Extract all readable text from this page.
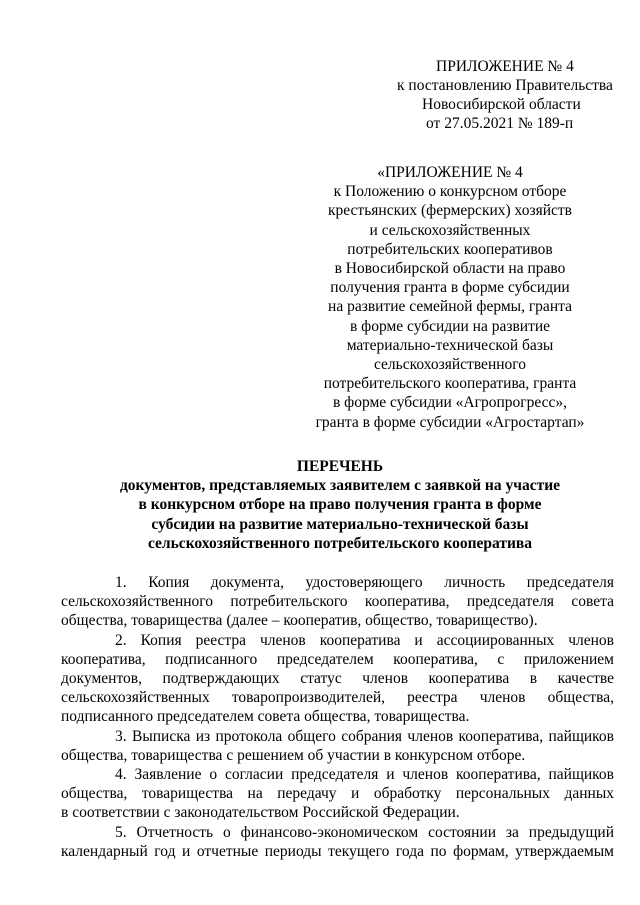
ПРИЛОЖЕНИЕ № 4
к постановлению Правительства
Новосибирской области
от 27.05.2021 № 189-п
«ПРИЛОЖЕНИЕ № 4
к Положению о конкурсном отборе
крестьянских (фермерских) хозяйств
и сельскохозяйственных
потребительских кооперативов
в Новосибирской области на право
получения гранта в форме субсидии
на развитие семейной фермы, гранта
в форме субсидии на развитие
материально-технической базы
сельскохозяйственного
потребительского кооператива, гранта
в форме субсидии «Агропрогресс»,
гранта в форме субсидии «Агростартап»
ПЕРЕЧЕНЬ
документов, представляемых заявителем с заявкой на участие
в конкурсном отборе на право получения гранта в форме
субсидии на развитие материально-технической базы
сельскохозяйственного потребительского кооператива
1. Копия документа, удостоверяющего личность председателя
сельскохозяйственного потребительского кооператива, председателя совета
общества, товарищества (далее – кооператив, общество, товарищество).
2. Копия реестра членов кооператива и ассоциированных членов
кооператива, подписанного председателем кооператива, с приложением
документов, подтверждающих статус членов кооператива в качестве
сельскохозяйственных товаропроизводителей, реестра членов общества,
подписанного председателем совета общества, товарищества.
3. Выписка из протокола общего собрания членов кооператива, пайщиков
общества, товарищества с решением об участии в конкурсном отборе.
4. Заявление о согласии председателя и членов кооператива, пайщиков
общества, товарищества на передачу и обработку персональных данных
в соответствии с законодательством Российской Федерации.
5. Отчетность о финансово-экономическом состоянии за предыдущий
календарный год и отчетные периоды текущего года по формам, утверждаемым
